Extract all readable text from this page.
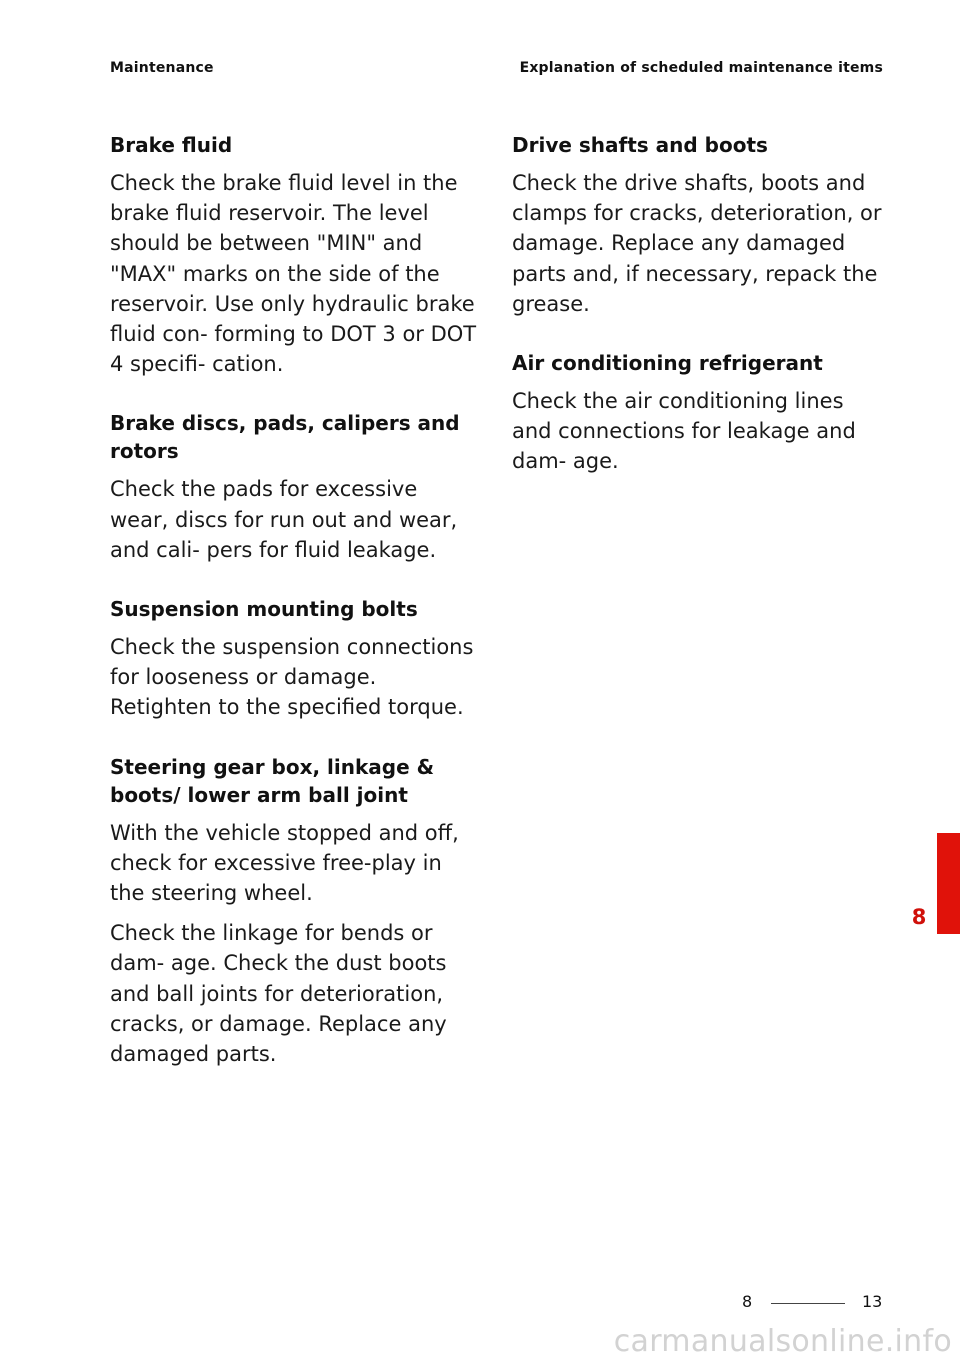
Maintenance	Explanation of scheduled maintenance items
Brake fluid

Check the brake fluid level in the brake fluid reservoir. The level should be between "MIN" and "MAX" marks on the side of the reservoir. Use only hydraulic brake fluid con- forming to DOT 3 or DOT 4 specifi- cation.

Brake discs, pads, calipers and rotors

Check the pads for excessive wear, discs for run out and wear, and cali- pers for fluid leakage.

Suspension mounting bolts

Check the suspension connections for looseness or damage. Retighten to the specified torque.

Steering gear box, linkage & boots/ lower arm ball joint

With the vehicle stopped and off, check for excessive free-play in the steering wheel.

Check the linkage for bends or dam- age. Check the dust boots and ball joints for deterioration, cracks, or damage. Replace any damaged parts.

Drive shafts and boots

Check the drive shafts, boots and clamps for cracks, deterioration, or damage. Replace any damaged parts and, if necessary, repack the grease.

Air conditioning refrigerant

Check the air conditioning lines and connections for leakage and dam- age.

8
8	13
carmanualsonline.info
